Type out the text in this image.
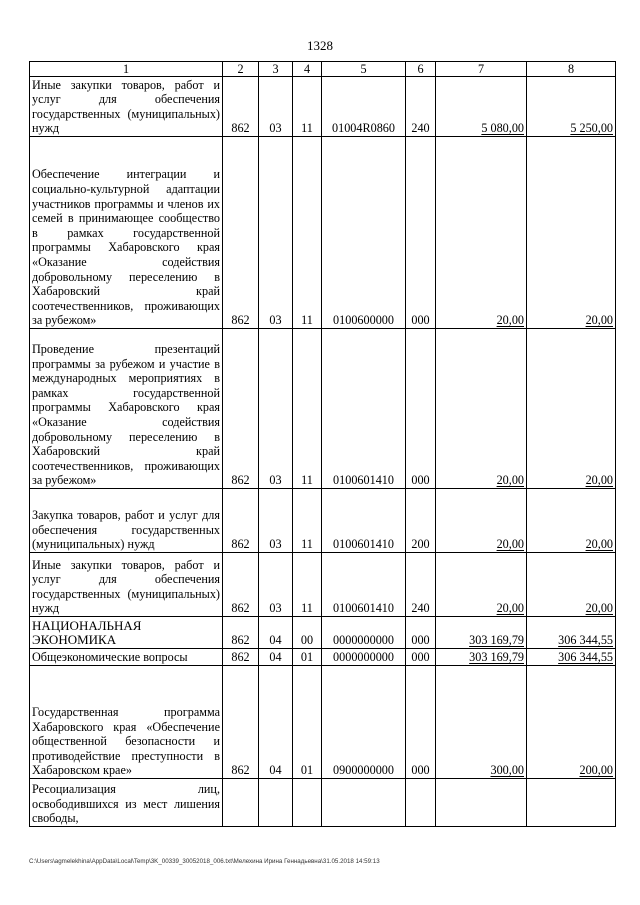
1328
1	2	3	4	5	6	7	8
Иные закупки товаров, работ и услуг для обеспечения государственных (муниципальных) нужд	862	03	11	01004R0860	240	5 080,00	5 250,00
Обеспечение интеграции и социально-культурной адаптации участников программы и членов их семей в принимающее сообщество в рамках государственной программы Хабаровского края «Оказание содействия добровольному переселению в Хабаровский край соотечественников, проживающих за рубежом»	862	03	11	0100600000	000	20,00	20,00
Проведение презентаций программы за рубежом и участие в международных мероприятиях в рамках государственной программы Хабаровского края «Оказание содействия добровольному переселению в Хабаровский край соотечественников, проживающих за рубежом»	862	03	11	0100601410	000	20,00	20,00
Закупка товаров, работ и услуг для обеспечения государственных (муниципальных) нужд	862	03	11	0100601410	200	20,00	20,00
Иные закупки товаров, работ и услуг для обеспечения государственных (муниципальных) нужд	862	03	11	0100601410	240	20,00	20,00
НАЦИОНАЛЬНАЯ ЭКОНОМИКА	862	04	00	0000000000	000	303 169,79	306 344,55
Общеэкономические вопросы	862	04	01	0000000000	000	303 169,79	306 344,55
Государственная программа Хабаровского края «Обеспечение общественной безопасности и противодействие преступности в Хабаровском крае»	862	04	01	0900000000	000	300,00	200,00
Ресоциализация лиц, освободившихся из мест лишения свободы,							
C:\Users\agmelekhina\AppData\Local\Temp\3K_00339_30052018_006.txt\Мелехина Ирина Геннадьевна\31.05.2018 14:59:13
